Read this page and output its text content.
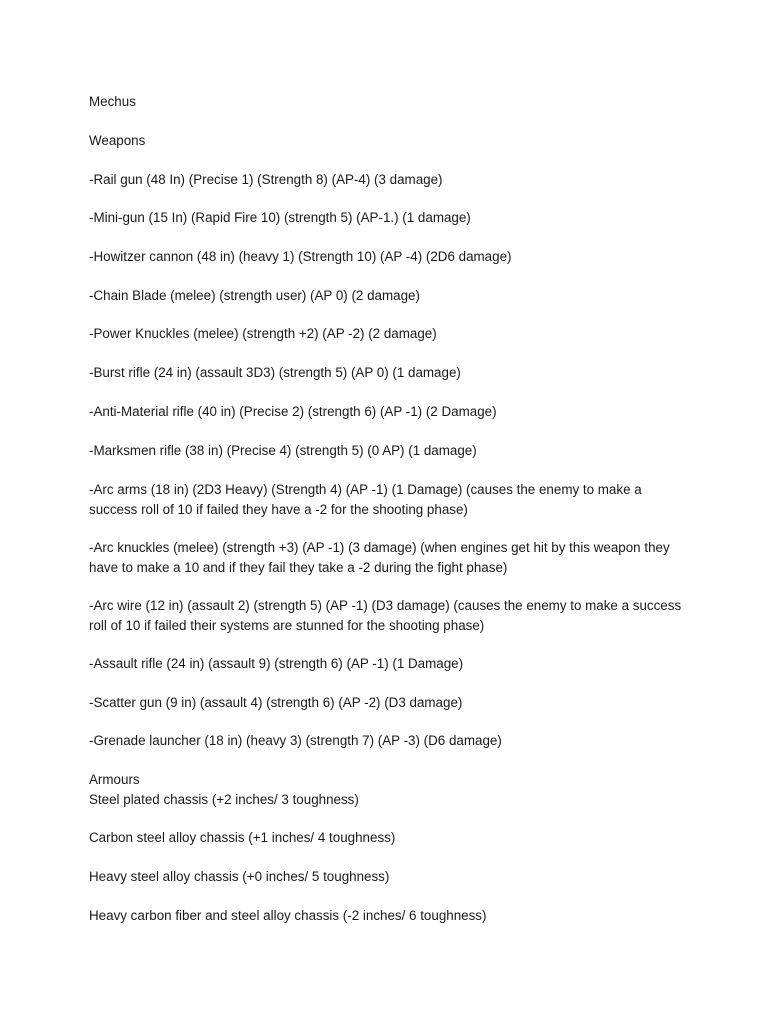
Mechus
Weapons
-Rail gun (48 In) (Precise 1) (Strength 8) (AP-4) (3 damage)
-Mini-gun (15 In) (Rapid Fire 10) (strength 5) (AP-1.) (1 damage)
-Howitzer cannon (48 in) (heavy 1) (Strength 10) (AP -4) (2D6 damage)
-Chain Blade (melee) (strength user) (AP 0) (2 damage)
-Power Knuckles (melee) (strength +2) (AP -2) (2 damage)
-Burst rifle (24 in) (assault 3D3) (strength 5) (AP 0) (1 damage)
-Anti-Material rifle (40 in) (Precise 2) (strength 6) (AP -1) (2 Damage)
-Marksmen rifle (38 in) (Precise 4) (strength 5) (0 AP) (1 damage)
-Arc arms (18 in) (2D3 Heavy) (Strength 4) (AP -1) (1 Damage) (causes the enemy to make a success roll of 10 if failed they have a -2 for the shooting phase)
-Arc knuckles (melee) (strength +3) (AP -1) (3 damage) (when engines get hit by this weapon they have to make a 10 and if they fail they take a -2 during the fight phase)
-Arc wire (12 in) (assault 2) (strength 5) (AP -1) (D3 damage) (causes the enemy to make a success roll of 10 if failed their systems are stunned for the shooting phase)
-Assault rifle (24 in) (assault 9) (strength 6) (AP -1) (1 Damage)
-Scatter gun (9 in) (assault 4) (strength 6) (AP -2) (D3 damage)
-Grenade launcher (18 in) (heavy 3) (strength 7) (AP -3) (D6 damage)
Armours
Steel plated chassis (+2 inches/ 3 toughness)
Carbon steel alloy chassis (+1 inches/ 4 toughness)
Heavy steel alloy chassis (+0 inches/ 5 toughness)
Heavy carbon fiber and steel alloy chassis (-2 inches/ 6 toughness)
